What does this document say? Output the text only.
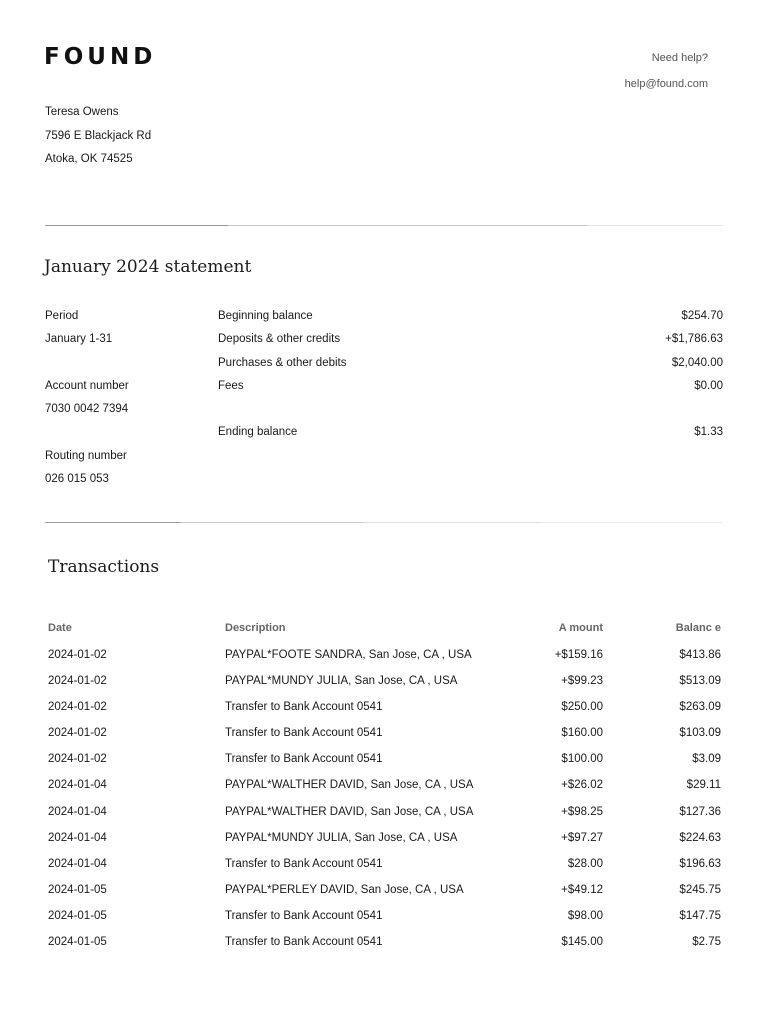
FOUND	Need help?
help@found.com
Teresa Owens
7596 E Blackjack Rd
Atoka, OK 74525
January 2024 statement
Period
January 1-31
Account number
7030 0042 7394
Routing number
026 015 053
Beginning balance	$254.70
Deposits & other credits	+$1,786.63
Purchases & other debits	$2,040.00
Fees	$0.00
Ending balance	$1.33
Transactions
Date	Description	A mount	Balanc e
2024-01-02	PAYPAL*FOOTE SANDRA, San Jose, CA , USA	+$159.16	$413.86
2024-01-02	PAYPAL*MUNDY JULIA, San Jose, CA , USA	+$99.23	$513.09
2024-01-02	Transfer to Bank Account 0541	$250.00	$263.09
2024-01-02	Transfer to Bank Account 0541	$160.00	$103.09
2024-01-02	Transfer to Bank Account 0541	$100.00	$3.09
2024-01-04	PAYPAL*WALTHER DAVID, San Jose, CA , USA	+$26.02	$29.11
2024-01-04	PAYPAL*WALTHER DAVID, San Jose, CA , USA	+$98.25	$127.36
2024-01-04	PAYPAL*MUNDY JULIA, San Jose, CA , USA	+$97.27	$224.63
2024-01-04	Transfer to Bank Account 0541	$28.00	$196.63
2024-01-05	PAYPAL*PERLEY DAVID, San Jose, CA , USA	+$49.12	$245.75
2024-01-05	Transfer to Bank Account 0541	$98.00	$147.75
2024-01-05	Transfer to Bank Account 0541	$145.00	$2.75
